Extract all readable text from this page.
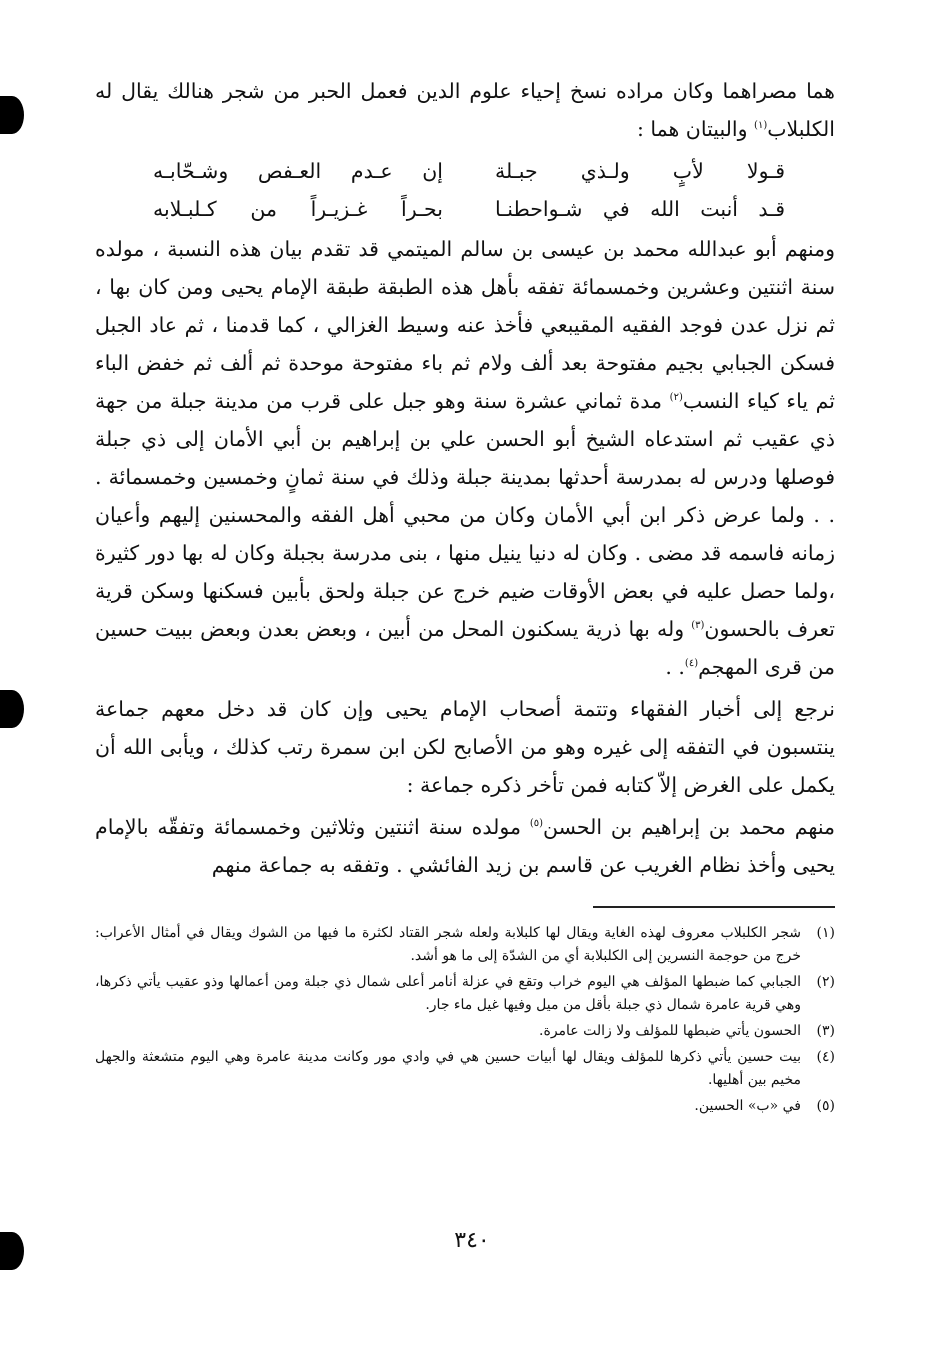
هما مصراهما وكان مراده نسخ إحياء علوم الدين فعمل الحبر من شجر هنالك يقال له الكلبلاب$^{(١)}$ والبيتان هما :

قـولا لأبٍ ولـذي جبـلة
إن عـدم العـفص وشـحّابـه
قـد أنبت الله في شـواحطنـا
بحـراً غـزيـراً من كـلبـلابه

ومنهم أبو عبدالله محمد بن عيسى بن سالم الميتمي قد تقدم بيان هذه النسبة ، مولده سنة اثنتين وعشرين وخمسمائة تفقه بأهل هذه الطبقة طبقة الإمام يحيى ومن كان بها ، ثم نزل عدن فوجد الفقيه المقيبعي فأخذ عنه وسيط الغزالي ، كما قدمنا ، ثم عاد الجبل فسكن الجبابي بجيم مفتوحة بعد ألف ولام ثم باء مفتوحة موحدة ثم ألف ثم خفض الباء ثم ياء كياء النسب$^{(٢)}$ مدة ثماني عشرة سنة وهو جبل على قرب من مدينة جبلة من جهة ذي عقيب ثم استدعاه الشيخ أبو الحسن علي بن إبراهيم بن أبي الأمان إلى ذي جبلة فوصلها ودرس له بمدرسة أحدثها بمدينة جبلة وذلك في سنة ثمانٍ وخمسين وخمسمائة . . . ولما عرض ذكر ابن أبي الأمان وكان من محبي أهل الفقه والمحسنين إليهم وأعيان زمانه فاسمه قد مضى . وكان له دنيا ينيل منها ، بنى مدرسة بجبلة وكان له بها دور كثيرة ،ولما حصل عليه في بعض الأوقات ضيم خرج عن جبلة ولحق بأبين فسكنها وسكن قرية تعرف بالحسون$^{(٣)}$ وله بها ذرية يسكنون المحل من أبين ، وبعض بعدن وبعض ببيت حسين من قرى المهجم$^{(٤)}$. .

نرجع إلى أخبار الفقهاء وتتمة أصحاب الإمام يحيى وإن كان قد دخل معهم جماعة ينتسبون في التفقه إلى غيره وهو من الأصابح لكن ابن سمرة رتب كذلك ، ويأبى الله أن يكمل على الغرض إلاّ كتابه فمن تأخر ذكره جماعة :

منهم محمد بن إبراهيم بن الحسن$^{(٥)}$ مولده سنة اثنتين وثلاثين وخمسمائة وتفقّه بالإمام يحيى وأخذ نظام الغريب عن قاسم بن زيد الفائشي . وتفقه به جماعة منهم

(١)
شجر الكلبلاب معروف لهذه الغاية ويقال لها كلبلابة ولعله شجر القتاد لكثرة ما فيها من الشوك ويقال في أمثال الأعراب: خرج من حوجمة النسرين إلى الكلبلابة أي من الشدّة إلى ما هو أشد.
(٢)
الجبابي كما ضبطها المؤلف هي اليوم خراب وتقع في عزلة أنامر أعلى شمال ذي جبلة ومن أعمالها وذو عقيب يأتي ذكرها، وهي قرية عامرة شمال ذي جبلة بأقل من ميل وفيها غيل ماء جار.
(٣)
الحسون يأتي ضبطها للمؤلف ولا زالت عامرة.
(٤)
بيت حسين يأتي ذكرها للمؤلف ويقال لها أبيات حسين هي في وادي مور وكانت مدينة عامرة وهي اليوم متشعثة والجهل مخيم بين أهليها.
(٥)
في «ب» الحسين.
٣٤٠
